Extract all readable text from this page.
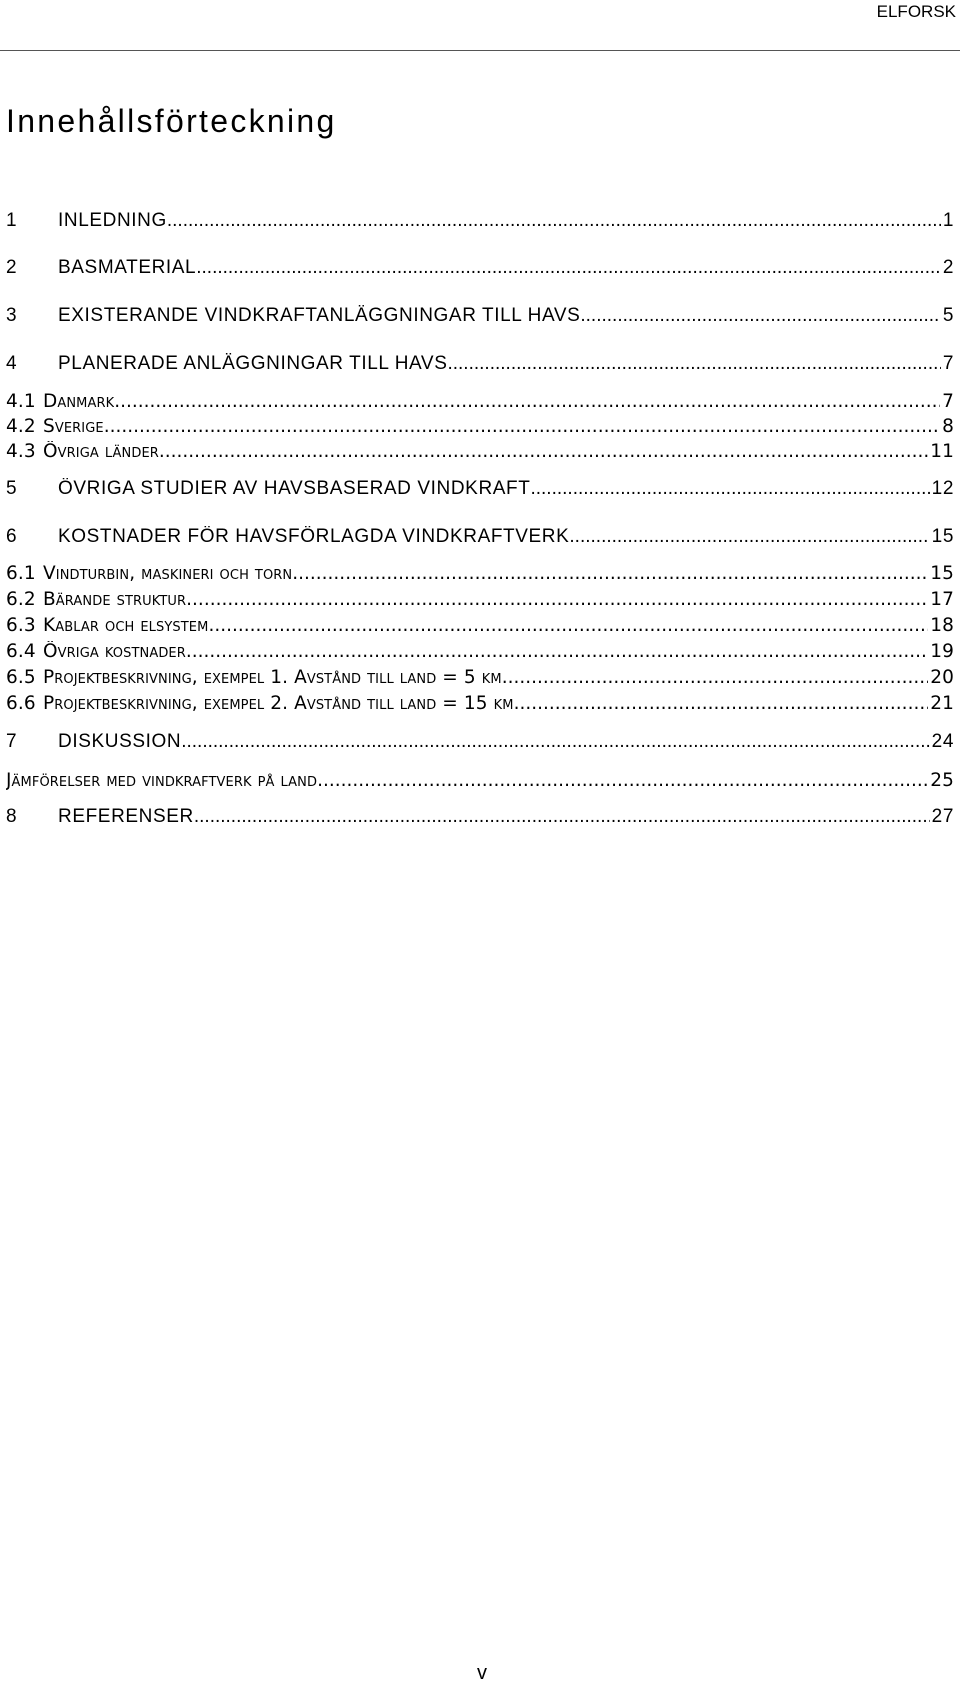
ELFORSK
Innehållsförteckning
1	INLEDNING .....	1
2	BASMATERIAL .....	2
3	EXISTERANDE VINDKRAFTANLÄGGNINGAR TILL HAVS .....	5
4	PLANERADE ANLÄGGNINGAR TILL HAVS .....	7
4.1 Danmark .....	7
4.2 Sverige .....	8
4.3 Övriga länder .....	11
5	ÖVRIGA STUDIER AV HAVSBASERAD VINDKRAFT .....	12
6	KOSTNADER FÖR HAVSFÖRLAGDA VINDKRAFTVERK .....	15
6.1 Vindturbin, maskineri och torn .....	15
6.2 Bärande struktur .....	17
6.3 Kablar och elsystem .....	18
6.4 Övriga kostnader .....	19
6.5 Projektbeskrivning, exempel 1. Avstånd till land = 5 km .....	20
6.6 Projektbeskrivning, exempel 2. Avstånd till land = 15 km .....	21
7	DISKUSSION .....	24
Jämförelser med vindkraftverk på land .....	25
8	REFERENSER .....	27
v
